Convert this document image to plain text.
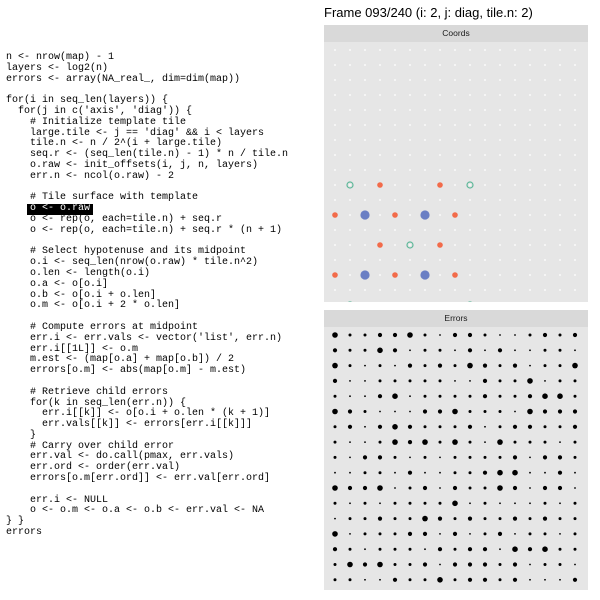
n <- nrow(map) - 1
layers <- log2(n)
errors <- array(NA_real_, dim=dim(map))
for(i in seq_len(layers)) {
for(j in c('axis', 'diag')) {
# Initialize template tile
large.tile <- j == 'diag' && i < layers
tile.n <- n / 2^(i + large.tile)
seq.r <- (seq_len(tile.n) - 1) * n / tile.n
o.raw <- init_offsets(i, j, n, layers)
err.n <- ncol(o.raw) - 2
# Tile surface with template
o <- o.raw
o <- rep(o, each=tile.n) + seq.r
o <- rep(o, each=tile.n) + seq.r * (n + 1)
# Select hypotenuse and its midpoint
o.i <- seq_len(nrow(o.raw) * tile.n^2)
o.len <- length(o.i)
o.a <- o[o.i]
o.b <- o[o.i + o.len]
o.m <- o[o.i + 2 * o.len]
# Compute errors at midpoint
err.i <- err.vals <- vector('list', err.n)
err.i[[1L]] <- o.m
m.est <- (map[o.a] + map[o.b]) / 2
errors[o.m] <- abs(map[o.m] - m.est)
# Retrieve child errors
for(k in seq_len(err.n)) {
err.i[[k]] <- o[o.i + o.len * (k + 1)]
err.vals[[k]] <- errors[err.i[[k]]]
}
# Carry over child error
err.val <- do.call(pmax, err.vals)
err.ord <- order(err.val)
errors[o.m[err.ord]] <- err.val[err.ord]
err.i <- NULL
o <- o.m <- o.a <- o.b <- err.val <- NA
} }
errors
Frame 093/240 (i: 2, j: diag, tile.n: 2)
Coords
Errors
